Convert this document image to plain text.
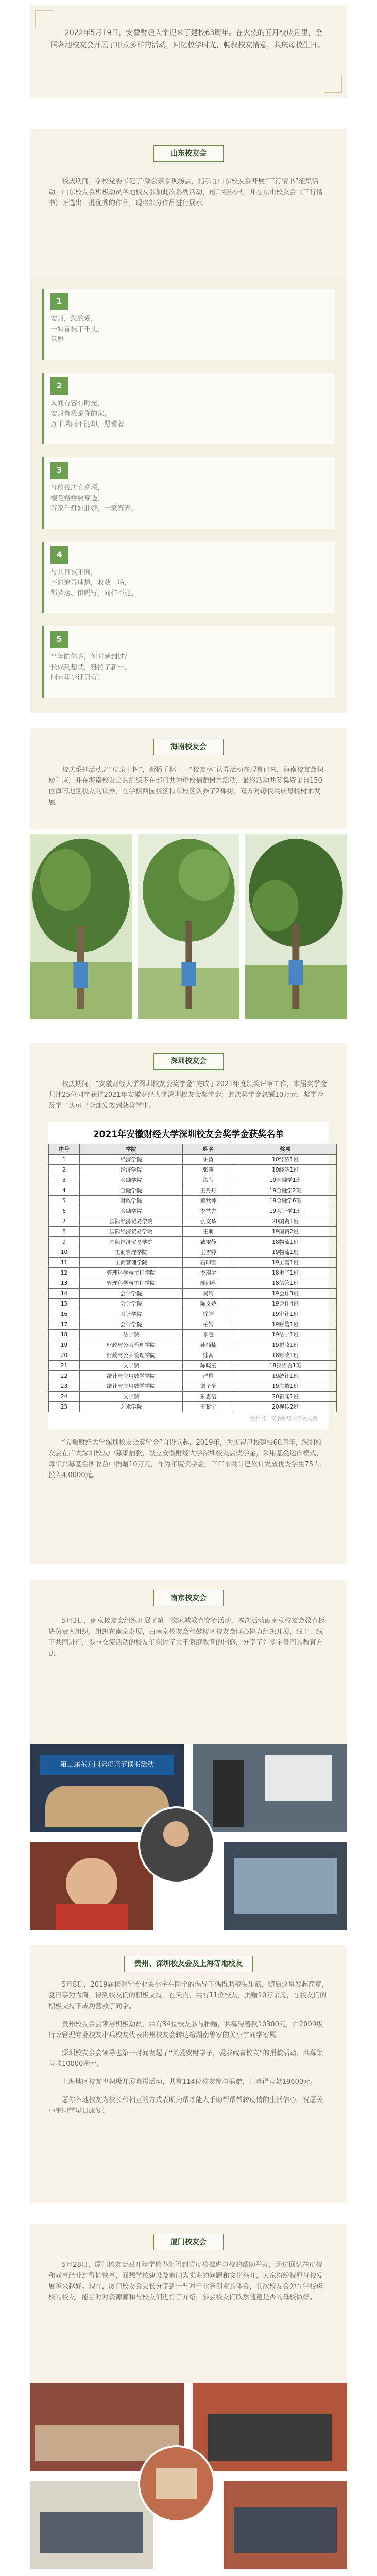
2022年5月19日，安徽财经大学迎来了建校63周年。在火热的五月校庆月里，全国各地校友会开展了形式多样的活动，回忆校学时光，畅叙校友情意，共庆母校生日。

山东校友会

校庆期间，学校党委书记丁·致会亲临现场会，指示在山东校友会开展“三行情书”征集活动。山东校友会积极动员各地校友参加此次系列活动，最后经决出，并在东山校友会《三行情书》评选出一批优秀的作品，现将部分作品进行展示。

1

安财，您的爱，

一如青枝丁千丈，

只愿

2

人间有容有时光，

安财有我是你的家，

万千风雨不能却，愿看着。

3

母校校庆春意深，

樱花瓣瓣要穿透，

万家千灯如此好。一家春光。

4

与其日夜不同，

不如追寻理想，收获一场，

都梦落、传吗写，同样不能。

5

当年的你呢，何时感到过？

长成到想就，雅持了新丰，

国园年少征只有！

海南校友会

校庆系列活动之“母亲干树”，新播千林——“校友林”认养活动在现有已来，海南校友会积极响应，并在海南校友会的组织下在部门共为母校捐赠树木活动，最终活动共募集资金自150位海南地区校友的认养，在学校西园校区和东校区认养了2棵树，双方对母校共庆母校树木发展。

深圳校友会

校庆期间，“安徽财经大学深圳校友会奖学金”完成了2021年度颁奖评审工作，本届奖学金共计25位同学获得2021年安徽财经大学深圳校友会奖学金，此次奖学金总额10万元，奖学金及学子认可已全部发放到获奖学生。

2021年安徽财经大学深圳校友会奖学金获奖名单
序号	学院	姓名	奖项
1	经济学院	朱涛	10经济1班
2	经济学院	张雅	19经济1班
3	会融学院	洪莹	19金融学1班
4	金融学院	王丹丹	19金融学2班
5	财政学院	董秋坤	19金融学6班
6	会融学院	李艺方	19会计学1班
7	国际经济贸易学院	张文华	20国贸1班
8	国际经济贸易学院	王萌	19国贸2班
9	国际经济贸易学院	戴雯静	18物流1班
10	工商管理学院	王雪婷	19物流1班
11	工商管理学院	石印雪	19工管1班
12	管理科学与工程学院	李璨宇	18电子1班
13	管理科学与工程学院	陈丽亭	18信管1班
14	会计学院	吴婧	19会计3班
15	会计学院	陈文娇	19会计4班
16	会计学院	徐皓	19审计1班
17	会计学院	柏婧	19财管1班
18	法学院	李慧	19法学1班
19	财政与公共管理学院	孙楠楠	19税收1班
20	财政与公共管理学院	徐茜	18财政1班
21	文学院	陈晓玉	18汉语言1班
22	统计与应用数学学院	严格	19统计1班
23	统计与应用数学学院	刘子豪	19应数1班
24	文学院	朱思语	20新闻1班
25	艺术学院	王紫宁	20视传2班
微信号：安徽财经大学校友会

“安徽财经大学深圳校友会奖学金”自设立起，2019年，为庆祝母校建校60周年，深圳校友会在广大深圳校友中募集捐款，设立安徽财经大学深圳校友会奖学金，采用基金运作模式，每年兴募基金所收益中捐赠10万元，作为年度奖学金，三年来共计已累计发放优秀学生75人，投入4,0000元。

南京校友会

5月3日，南京校友会组织开展了第一次家城教育交流活动，本次活动由南京校友会教育板块负责人组织，组织在南京发展，由南京校友会和鼓楼区校友会同心协力组织开展，线上、线下共同进行，参与交流活动的校友们探讨了关于家庭教育的困惑，分享了许多宝贵同的教育方法。

第二届东方国际母亲节读书活动
贵州、深圳校友会及上海等地校友

5月8日，2019届校财学专业关小宇在同学的倡导下偶得助稿失乐筋，随后这里发起简章，复日事为为简，得到校友们的积极支持。在天内，共有11位校友，捐赠10万余元，在校友们的积极支持下成功营救了同学。

贵州校友会会领导积极动员，共有34位校友参与捐赠，共募得善款10300元，由2009级行政管理专业校友小兵校友代表贵州校友会转达给湖南曾家的关小宇同学家属。

深圳校友会会领导也第一时间发起了“关爱安财学子，爱我藏青校友”的捐款活动，共募集善款10000余元。

上海地区校友也积极开展募捐活动，共有114位校友参与捐赠，共募得善款19600元。

愿你各地校友为校长和相互的方式表明为帮才能大手助帮帮帮转疫情的生活信心。祝愿关小宇同学早日康复！

厦门校友会

5月28日，厦门校友会召开年学校办组团到访母校推进与校的帮助举办，通过回忆在母校和同事经业过得愉快事，回想学校建设及有同为实业的问题和文化兴旺，大家纷纷祝原母校发展越来越好。现在，厦门校友会会长分享到一些对于业务创业的体会，其次校友会为在学校母校的校友。能当时对资源源和与校友们进行了介绍，参会校友们欣然随遍是否的母校做好。
